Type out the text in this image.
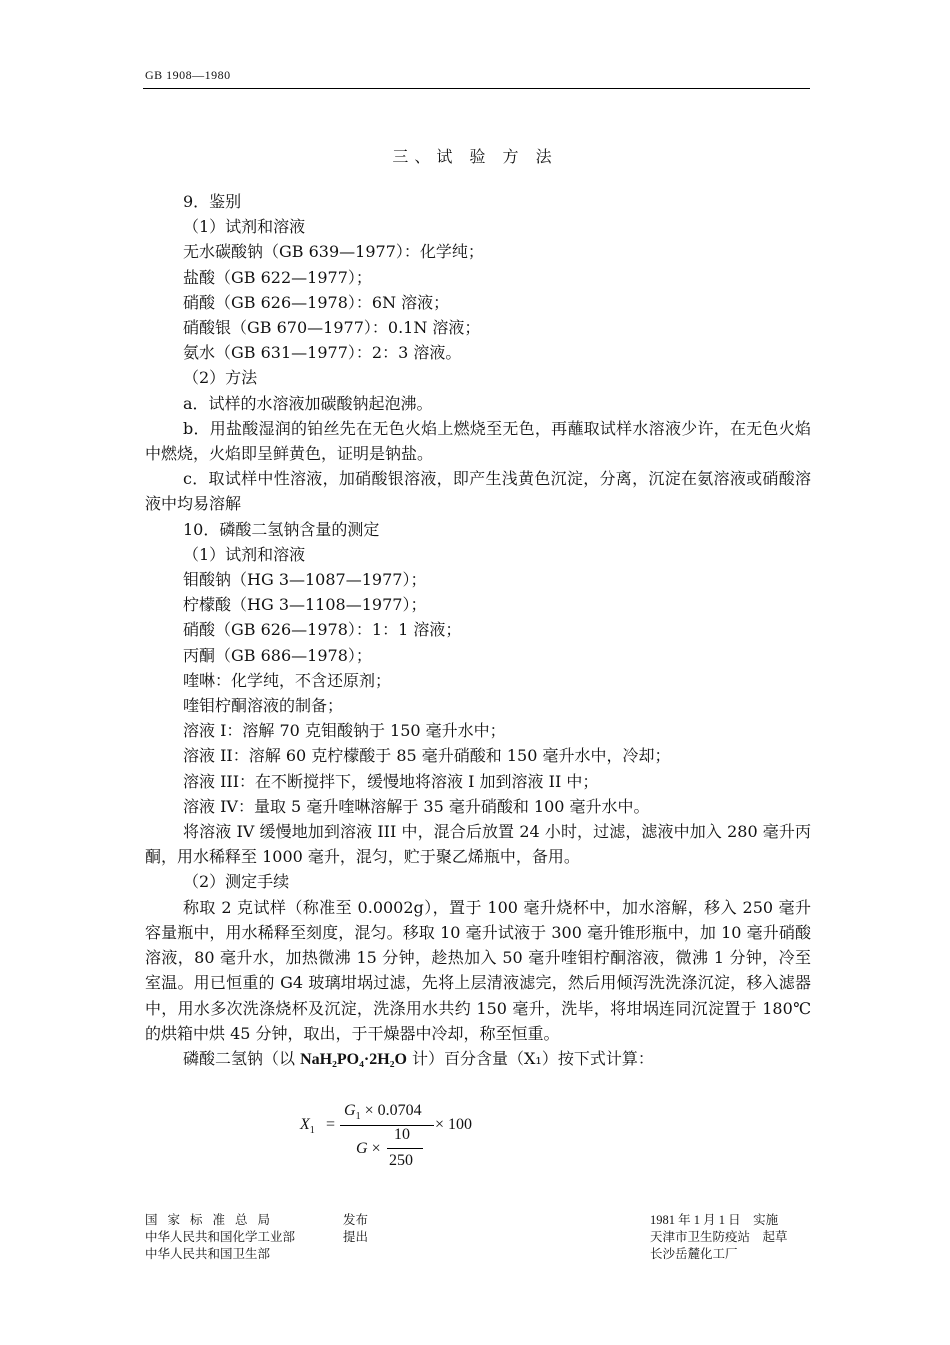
GB 1908—1980
三、试 验 方 法
9．鉴别
（1）试剂和溶液
无水碳酸钠（GB 639—1977）：化学纯；
盐酸（GB 622—1977）；
硝酸（GB 626—1978）：6N 溶液；
硝酸银（GB 670—1977）：0.1N 溶液；
氨水（GB 631—1977）：2：3 溶液。
（2）方法
a．试样的水溶液加碳酸钠起泡沸。
b．用盐酸湿润的铂丝先在无色火焰上燃烧至无色，再蘸取试样水溶液少许，在无色火焰中燃烧，火焰即呈鲜黄色，证明是钠盐。
c．取试样中性溶液，加硝酸银溶液，即产生浅黄色沉淀，分离，沉淀在氨溶液或硝酸溶液中均易溶解
10．磷酸二氢钠含量的测定
（1）试剂和溶液
钼酸钠（HG 3—1087—1977）；
柠檬酸（HG 3—1108—1977）；
硝酸（GB 626—1978）：1：1 溶液；
丙酮（GB 686—1978）；
喹啉：化学纯，不含还原剂；
喹钼柠酮溶液的制备；
溶液 I：溶解 70 克钼酸钠于 150 毫升水中；
溶液 II：溶解 60 克柠檬酸于 85 毫升硝酸和 150 毫升水中，冷却；
溶液 III：在不断搅拌下，缓慢地将溶液 I 加到溶液 II 中；
溶液 IV：量取 5 毫升喹啉溶解于 35 毫升硝酸和 100 毫升水中。
将溶液 IV 缓慢地加到溶液 III 中，混合后放置 24 小时，过滤，滤液中加入 280 毫升丙酮，用水稀释至 1000 毫升，混匀，贮于聚乙烯瓶中，备用。
（2）测定手续
称取 2 克试样（称准至 0.0002g），置于 100 毫升烧杯中，加水溶解，移入 250 毫升容量瓶中，用水稀释至刻度，混匀。移取 10 毫升试液于 300 毫升锥形瓶中，加 10 毫升硝酸溶液，80 毫升水，加热微沸 15 分钟，趁热加入 50 毫升喹钼柠酮溶液，微沸 1 分钟，冷至室温。用已恒重的 G4 玻璃坩埚过滤，先将上层清液滤完，然后用倾泻洗洗涤沉淀，移入滤器中，用水多次洗涤烧杯及沉淀，洗涤用水共约 150 毫升，洗毕，将坩埚连同沉淀置于 180℃的烘箱中烘 45 分钟，取出，于干燥器中冷却，称至恒重。
磷酸二氢钠（以 NaH₂PO₄·2H₂O 计）百分含量（X₁）按下式计算：
$X_1$ =
$G_1 \times 0.0704$
× 100
G ×
10
250
国家标准总局	发布
中华人民共和国化学工业部	提出
中华人民共和国卫生部
1981 年 1 月 1 日　实施
天津市卫生防疫站　起草
长沙岳麓化工厂
